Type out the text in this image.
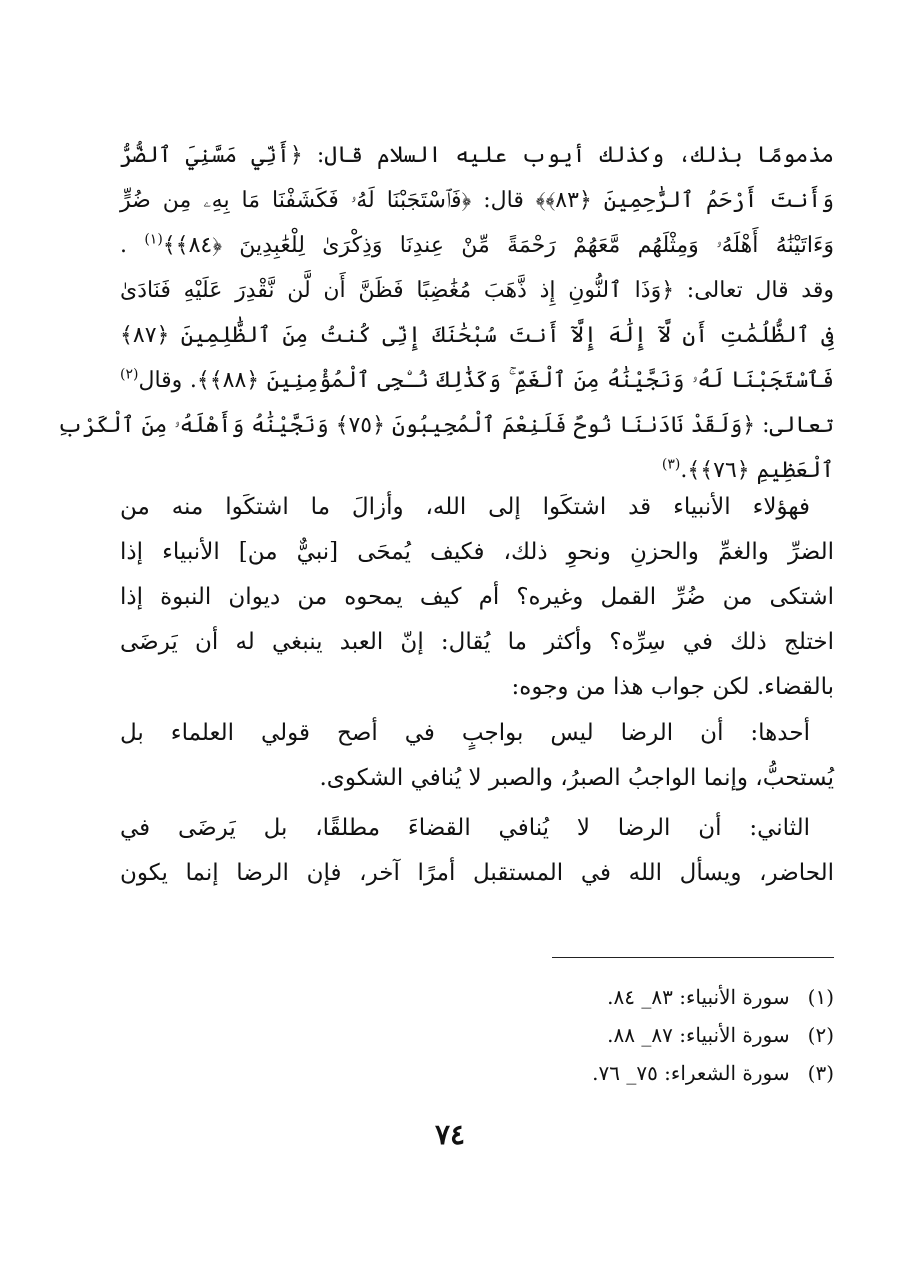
مذمومًا بذلك، وكذلك أيوب عليه السلام قال: ﴿أَنِّي مَسَّنِيَ ٱلضُّرُّ
وَأَنتَ أَرْحَمُ ٱلرَّٰحِمِينَ ﴿٨٣﴾﴾ قال: ﴿فَٱسْتَجَبْنَا لَهُۥ فَكَشَفْنَا مَا بِهِۦ مِن ضُرٍّ
وَءَاتَيْنَٰهُ أَهْلَهُۥ وَمِثْلَهُم مَّعَهُمْ رَحْمَةً مِّنْ عِندِنَا وَذِكْرَىٰ لِلْعَٰبِدِينَ ﴿٨٤﴾﴾$^{(١)}$ .
وقد قال تعالى: ﴿وَذَا ٱلنُّونِ إِذ ذَّهَبَ مُغَٰضِبًا فَظَنَّ أَن لَّن نَّقْدِرَ عَلَيْهِ فَنَادَىٰ
فِى ٱلظُّلُمَٰتِ أَن لَّآ إِلَٰهَ إِلَّآ أَنتَ سُبْحَٰنَكَ إِنِّى كُنتُ مِنَ ٱلظَّٰلِمِينَ ﴿٨٧﴾
فَٱسْتَجَبْنَا لَهُۥ وَنَجَّيْنَٰهُ مِنَ ٱلْغَمِّ ۚ وَكَذَٰلِكَ نُـۨجِى ٱلْمُؤْمِنِينَ ﴿٨٨﴾﴾. وقال$^{(٢)}$
تعالى: ﴿وَلَقَدْ نَادَىٰنَا نُوحٌ فَلَنِعْمَ ٱلْمُجِيبُونَ ﴿٧٥﴾ وَنَجَّيْنَٰهُ وَأَهْلَهُۥ مِنَ ٱلْكَرْبِ
ٱلْعَظِيمِ ﴿٧٦﴾﴾.$^{(٣)}$
فهؤلاء الأنبياء قد اشتكَوا إلى الله، وأزالَ ما اشتكَوا منه من
الضرِّ والغمِّ والحزنِ ونحوِ ذلك، فكيف يُمحَى [نبيٌّ من] الأنبياء إذا
اشتكى من ضُرِّ القمل وغيره؟ أم كيف يمحوه من ديوان النبوة إذا
اختلج ذلك في سِرِّه؟ وأكثر ما يُقال: إنّ العبد ينبغي له أن يَرضَى
بالقضاء. لكن جواب هذا من وجوه:
أحدها: أن الرضا ليس بواجبٍ في أصح قولي العلماء بل
يُستحبُّ، وإنما الواجبُ الصبرُ، والصبر لا يُنافي الشكوى.
الثاني: أن الرضا لا يُنافي القضاءَ مطلقًا، بل يَرضَى في
الحاضر، ويسأل الله في المستقبل أمرًا آخر، فإن الرضا إنما يكون
(١) سورة الأنبياء: ٨٣_ ٨٤.
(٢) سورة الأنبياء: ٨٧_ ٨٨.
(٣) سورة الشعراء: ٧٥_ ٧٦.
٧٤
